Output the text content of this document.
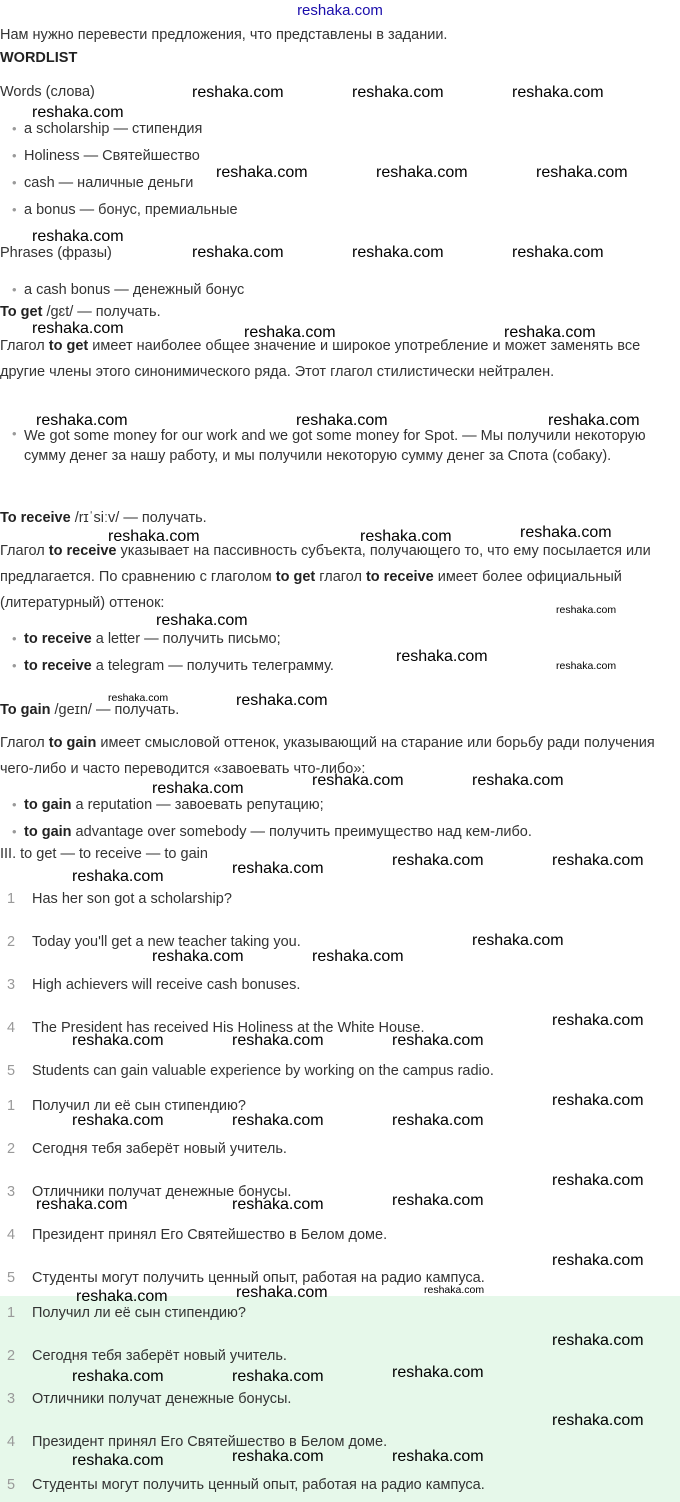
reshaka.com
Нам нужно перевести предложения, что представлены в задании.
WORDLIST
Words (слова)
• a scholarship — стипендия
• Holiness — Святейшество
• cash — наличные деньги
• a bonus — бонус, премиальные
Phrases (фразы)
• a cash bonus — денежный бонус
To get /gɛt/ — получать.
Глагол to get имеет наиболее общее значение и широкое употребление и может заменять все другие члены этого синонимического ряда. Этот глагол стилистически нейтрален.
• We got some money for our work and we got some money for Spot. — Мы получили некоторую сумму денег за нашу работу, и мы получили некоторую сумму денег за Спота (собаку).
To receive /rɪˈsiːv/ — получать.
Глагол to receive указывает на пассивность субъекта, получающего то, что ему посылается или предлагается. По сравнению с глаголом to get глагол to receive имеет более официальный (литературный) оттенок:
• to receive a letter — получить письмо;
• to receive a telegram — получить телеграмму.
To gain /geɪn/ — получать.
Глагол to gain имеет смысловой оттенок, указывающий на старание или борьбу ради получения чего-либо и часто переводится «завоевать что-либо»:
• to gain a reputation — завоевать репутацию;
• to gain advantage over somebody — получить преимущество над кем-либо.
III. to get — to receive — to gain
1	Has her son got a scholarship?
2	Today you'll get a new teacher taking you.
3	High achievers will receive cash bonuses.
4	The President has received His Holiness at the White House.
5	Students can gain valuable experience by working on the campus radio.
1	Получил ли её сын стипендию?
2	Сегодня тебя заберёт новый учитель.
3	Отличники получат денежные бонусы.
4	Президент принял Его Святейшество в Белом доме.
5	Студенты могут получить ценный опыт, работая на радио кампуса.
1	Получил ли её сын стипендию?
2	Сегодня тебя заберёт новый учитель.
3	Отличники получат денежные бонусы.
4	Президент принял Его Святейшество в Белом доме.
5	Студенты могут получить ценный опыт, работая на радио кампуса.
reshaka.com	reshaka.com	reshaka.com
reshaka.com
reshaka.com	reshaka.com	reshaka.com
reshaka.com
reshaka.com	reshaka.com	reshaka.com
reshaka.com	reshaka.com	reshaka.com
reshaka.com	reshaka.com	reshaka.com
reshaka.com	reshaka.com	reshaka.com
reshaka.com
reshaka.com
reshaka.com
reshaka.com
reshaka.com	reshaka.com
reshaka.com	reshaka.com
reshaka.com
reshaka.com	reshaka.com	reshaka.com
reshaka.com
reshaka.com
reshaka.com	reshaka.com
reshaka.com
reshaka.com	reshaka.com	reshaka.com
reshaka.com
reshaka.com	reshaka.com	reshaka.com
reshaka.com
reshaka.com	reshaka.com	reshaka.com
reshaka.com
reshaka.com	reshaka.com
reshaka.com
reshaka.com
reshaka.com	reshaka.com	reshaka.com
reshaka.com
reshaka.com	reshaka.com	reshaka.com
